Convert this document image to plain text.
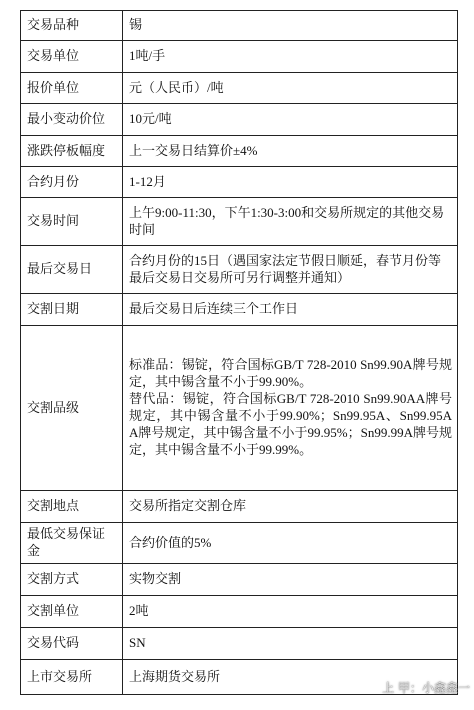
交易品种	锡
交易单位	1吨/手
报价单位	元（人民币）/吨
最小变动价位	10元/吨
涨跌停板幅度	上一交易日结算价±4%
合约月份	1-12月
交易时间	上午9:00-11:30，下午1:30-3:00和交易所规定的其他交易时间
最后交易日	合约月份的15日（遇国家法定节假日顺延，春节月份等最后交易日交易所可另行调整并通知）
交割日期	最后交易日后连续三个工作日
交割品级	标准品：锡锭，符合国标GB/T 728-2010 Sn99.90A牌号规定，其中锡含量不小于99.90%。
替代品：锡锭，符合国标GB/T 728-2010 Sn99.90AA牌号规定，其中锡含量不小于99.90%；Sn99.95A、Sn99.95AA牌号规定，其中锡含量不小于99.95%；Sn99.99A牌号规定，其中锡含量不小于99.99%。

交割地点	交易所指定交割仓库
最低交易保证金	合约价值的5%
交割方式	实物交割
交割单位	2吨
交易代码	SN
上市交易所	上海期货交易所
上 甲：小鑫鑫一
